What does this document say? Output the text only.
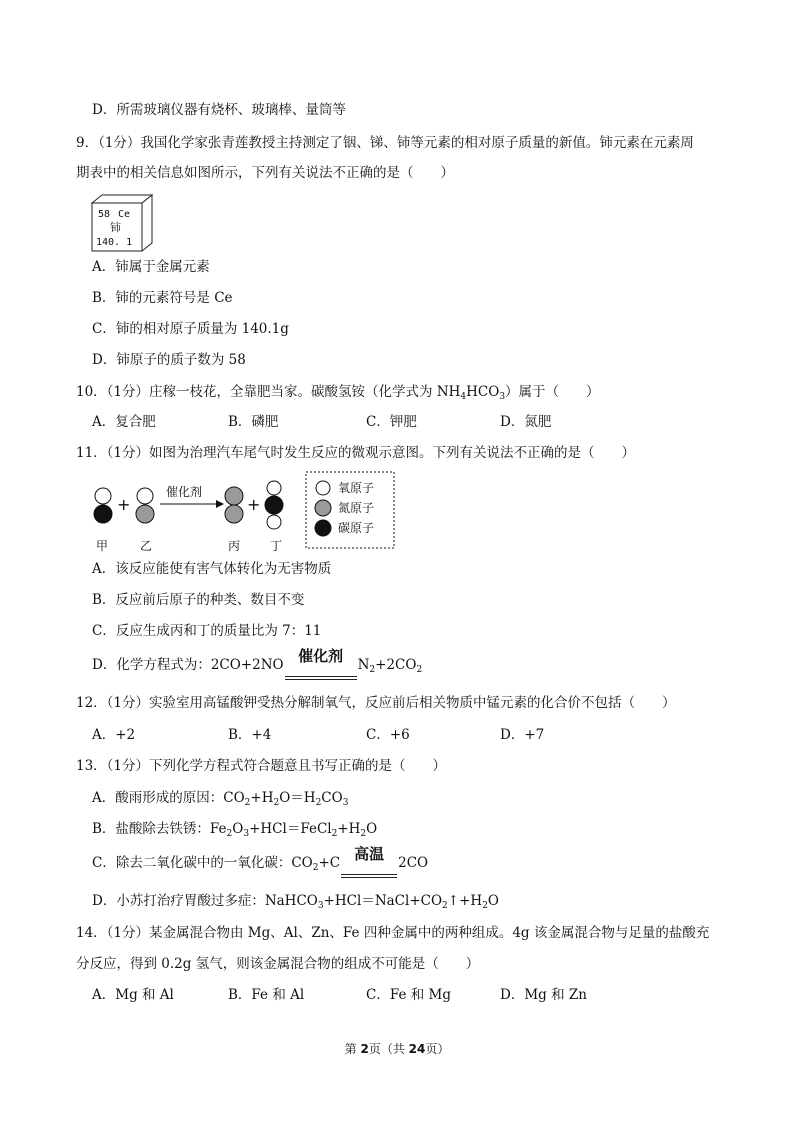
D．所需玻璃仪器有烧杯、玻璃棒、量筒等
9．（1分）我国化学家张青莲教授主持测定了铟、锑、铈等元素的相对原子质量的新值。铈元素在元素周
期表中的相关信息如图所示，下列有关说法不正确的是（　　）
58 Ce
铈
140. 1
A．铈属于金属元素
B．铈的元素符号是 Ce
C．铈的相对原子质量为 140.1g
D．铈原子的质子数为 58
10．（1分）庄稼一枝花，全靠肥当家。碳酸氢铵（化学式为 $NH_4HCO_3$）属于（　　）
A．复合肥	B．磷肥	C．钾肥	D．氮肥
11．（1分）如图为治理汽车尾气时发生反应的微观示意图。下列有关说法不正确的是（　　）
+
催化剂
+
甲	乙	丙 丁
氧原子
氮原子
碳原子
A．该反应能使有害气体转化为无害物质
B．反应前后原子的种类、数目不变
C．反应生成丙和丁的质量比为 7：11
D．化学方程式为：2CO+2NO 催化剂	$N_2+2CO_2$
12．（1分）实验室用高锰酸钾受热分解制氧气，反应前后相关物质中锰元素的化合价不包括（　　）
A．+2	B．+4	C．+6	D．+7
13．（1分）下列化学方程式符合题意且书写正确的是（　　）
A．酸雨形成的原因：$CO_2+H_2O=H_2CO_3$
B．盐酸除去铁锈：$Fe_2O_3+HCl=FeCl_2+H_2O$
C．除去二氧化碳中的一氧化碳：$CO_2+C$ 高温	2CO
D．小苏打治疗胃酸过多症：$NaHCO_3+HCl=NaCl+CO_2↑+H_2O$
14．（1分）某金属混合物由 Mg、Al、Zn、Fe 四种金属中的两种组成。4g 该金属混合物与足量的盐酸充
分反应，得到 0.2g 氢气，则该金属混合物的组成不可能是（　　）
A．Mg 和 Al	B．Fe 和 Al	C．Fe 和 Mg	D．Mg 和 Zn
第 2页（共 24页）
